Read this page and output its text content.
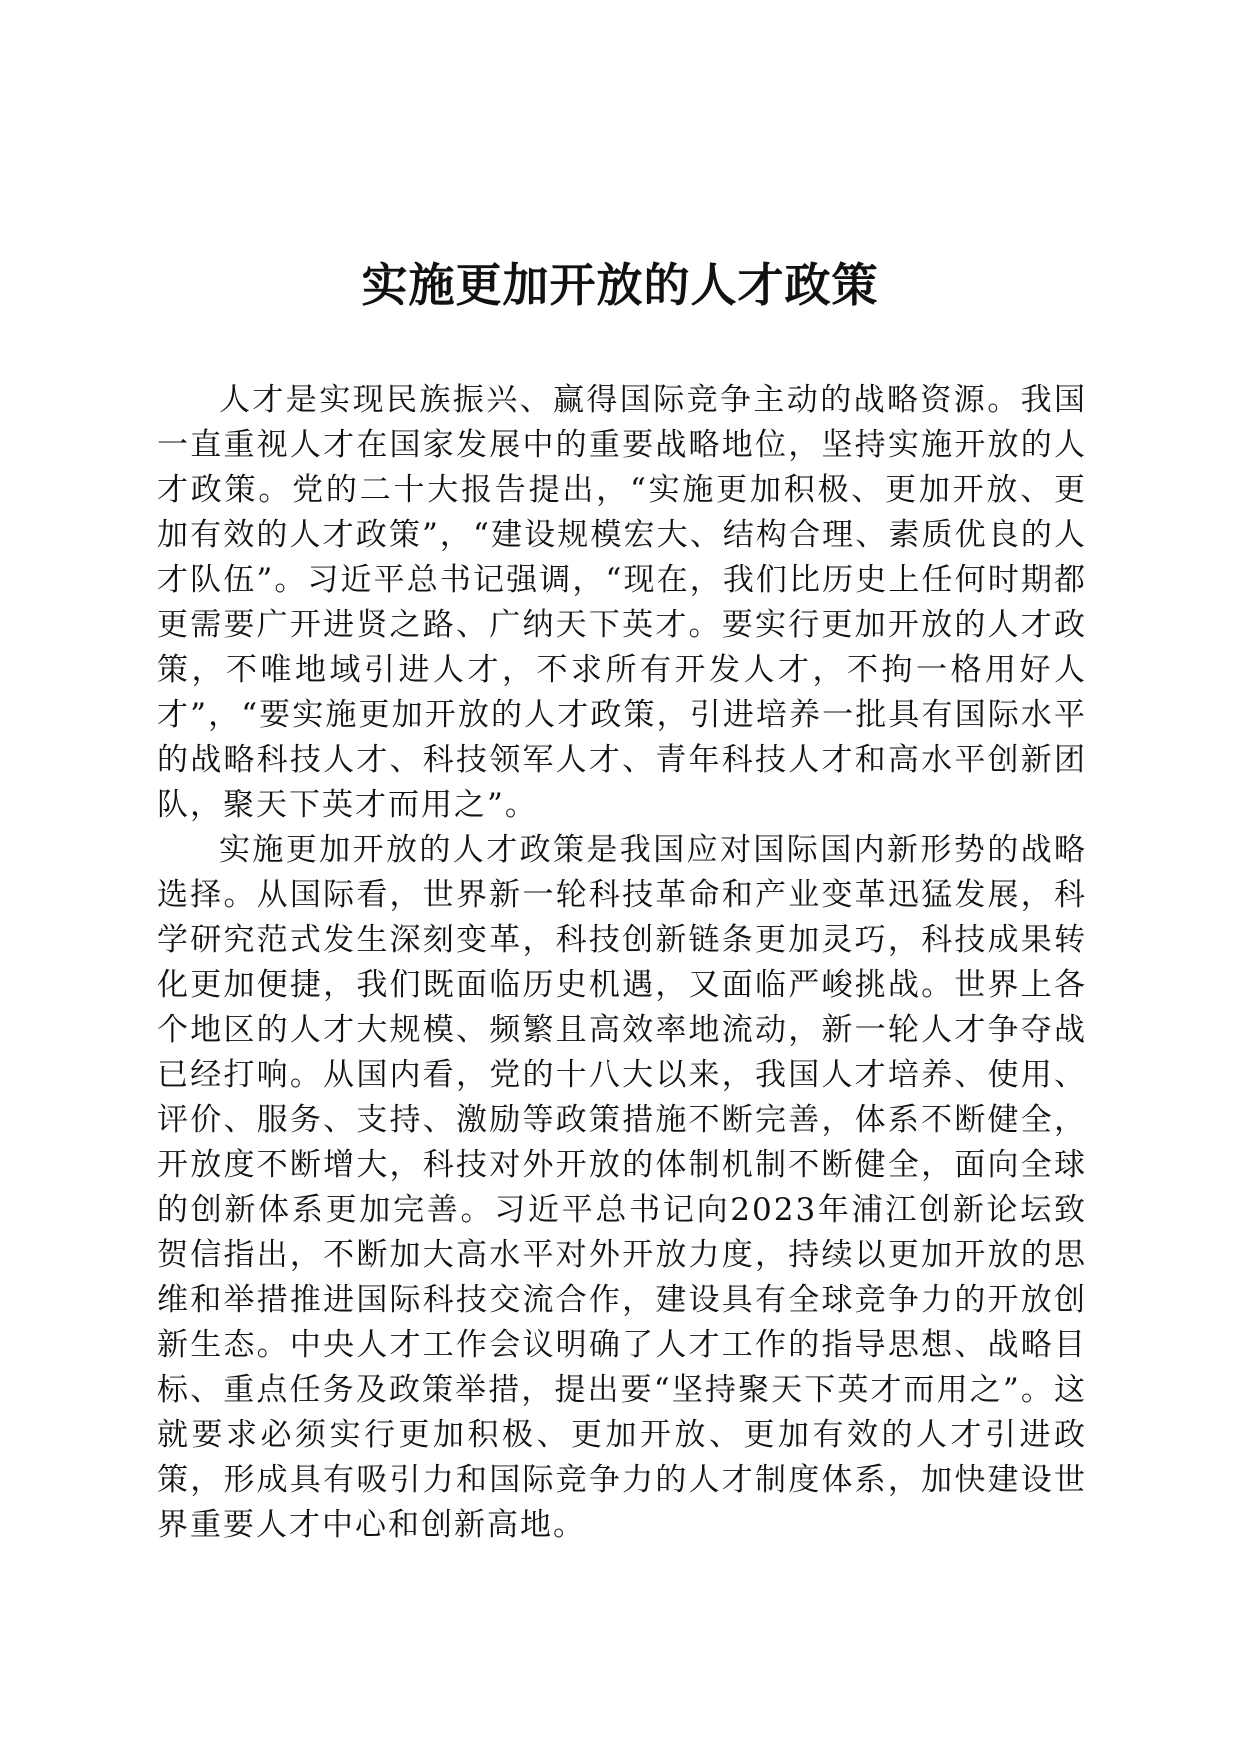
实施更加开放的人才政策

人才是实现民族振兴、赢得国际竞争主动的战略资源。我国一直重视人才在国家发展中的重要战略地位，坚持实施开放的人才政策。党的二十大报告提出，“实施更加积极、更加开放、更加有效的人才政策”，“建设规模宏大、结构合理、素质优良的人才队伍”。习近平总书记强调，“现在，我们比历史上任何时期都更需要广开进贤之路、广纳天下英才。要实行更加开放的人才政策，不唯地域引进人才，不求所有开发人才，不拘一格用好人才”，“要实施更加开放的人才政策，引进培养一批具有国际水平的战略科技人才、科技领军人才、青年科技人才和高水平创新团队，聚天下英才而用之”。

实施更加开放的人才政策是我国应对国际国内新形势的战略选择。从国际看，世界新一轮科技革命和产业变革迅猛发展，科学研究范式发生深刻变革，科技创新链条更加灵巧，科技成果转化更加便捷，我们既面临历史机遇，又面临严峻挑战。世界上各个地区的人才大规模、频繁且高效率地流动，新一轮人才争夺战已经打响。从国内看，党的十八大以来，我国人才培养、使用、评价、服务、支持、激励等政策措施不断完善，体系不断健全，开放度不断增大，科技对外开放的体制机制不断健全，面向全球的创新体系更加完善。习近平总书记向2023年浦江创新论坛致贺信指出，不断加大高水平对外开放力度，持续以更加开放的思维和举措推进国际科技交流合作，建设具有全球竞争力的开放创新生态。中央人才工作会议明确了人才工作的指导思想、战略目标、重点任务及政策举措，提出要“坚持聚天下英才而用之”。这就要求必须实行更加积极、更加开放、更加有效的人才引进政策，形成具有吸引力和国际竞争力的人才制度体系，加快建设世界重要人才中心和创新高地。
